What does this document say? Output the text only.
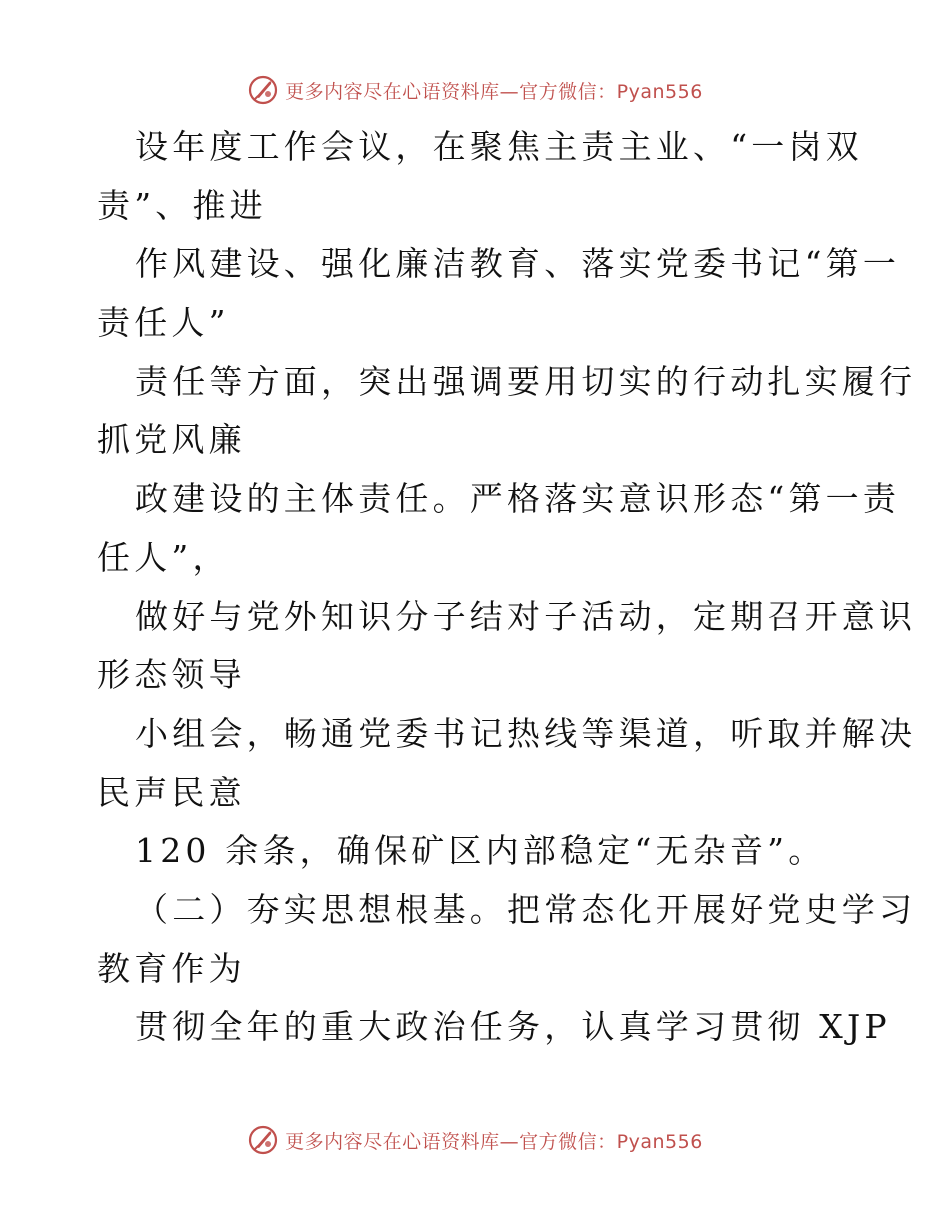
更多内容尽在心语资料库—官方微信：Pyan556
设年度工作会议，在聚焦主责主业、“一岗双
责”、推进
作风建设、强化廉洁教育、落实党委书记“第一
责任人”
责任等方面，突出强调要用切实的行动扎实履行
抓党风廉
政建设的主体责任。严格落实意识形态“第一责
任人”，
做好与党外知识分子结对子活动，定期召开意识
形态领导
小组会，畅通党委书记热线等渠道，听取并解决
民声民意
120 余条，确保矿区内部稳定“无杂音”。
（二）夯实思想根基。把常态化开展好党史学习
教育作为
贯彻全年的重大政治任务，认真学习贯彻 XJP
更多内容尽在心语资料库—官方微信：Pyan556
